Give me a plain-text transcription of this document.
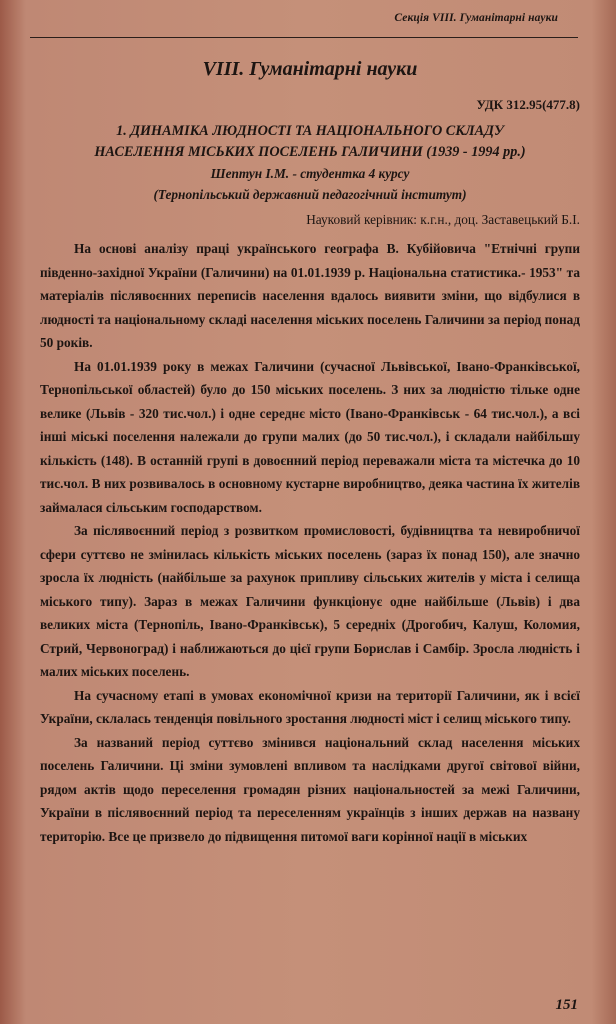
Секція VIII. Гуманітарні науки
VIII. Гуманітарні науки

УДК 312.95(477.8)

1. ДИНАМІКА ЛЮДНОСТІ ТА НАЦІОНАЛЬНОГО СКЛАДУ

НАСЕЛЕННЯ МІСЬКИХ ПОСЕЛЕНЬ ГАЛИЧИНИ (1939 - 1994 рр.)

Шептун І.М. - студентка 4 курсу

(Тернопільський державний педагогічний інститут)

Науковий керівник: к.г.н., доц. Заставецький Б.І.

На основі аналізу праці українського географа В. Кубійовича "Етнічні групи південно-західної України (Галичини) на 01.01.1939 р. Національна статистика.- 1953" та матеріалів післявоєнних переписів населення вдалось виявити зміни, що відбулися в людності та національному складі населення міських поселень Галичини за період понад 50 років.

На 01.01.1939 року в межах Галичини (сучасної Львівської, Івано-Франківської, Тернопільської областей) було до 150 міських поселень. З них за людністю тільке одне велике (Львів - 320 тис.чол.) і одне середнє місто (Івано-Франківськ - 64 тис.чол.), а всі інші міські поселення належали до групи малих (до 50 тис.чол.), і складали найбільшу кількість (148). В останній групі в довоєнний період переважали міста та містечка до 10 тис.чол. В них розвивалось в основному кустарне виробництво, деяка частина їх жителів займалася сільським господарством.

За післявоєнний період з розвитком промисловості, будівництва та невиробничої сфери суттєво не змінилась кількість міських поселень (зараз їх понад 150), але значно зросла їх людність (найбільше за рахунок припливу сільських жителів у міста і селища міського типу). Зараз в межах Галичини функціонує одне найбільше (Львів) і два великих міста (Тернопіль, Івано-Франківськ), 5 середніх (Дрогобич, Калуш, Коломия, Стрий, Червоноград) і наближаються до цієї групи Борислав і Самбір. Зросла людність і малих міських поселень.

На сучасному етапі в умовах економічної кризи на території Галичини, як і всієї України, склалась тенденція повільного зростання людності міст і селищ міського типу.

За названий період суттєво змінився національний склад населення міських поселень Галичини. Ці зміни зумовлені впливом та наслідками другої світової війни, рядом актів щодо переселення громадян різних національностей за межі Галичини, України в післявоєнний період та переселенням українців з інших держав на названу територію. Все це призвело до підвищення питомої ваги корінної нації в міських

151
